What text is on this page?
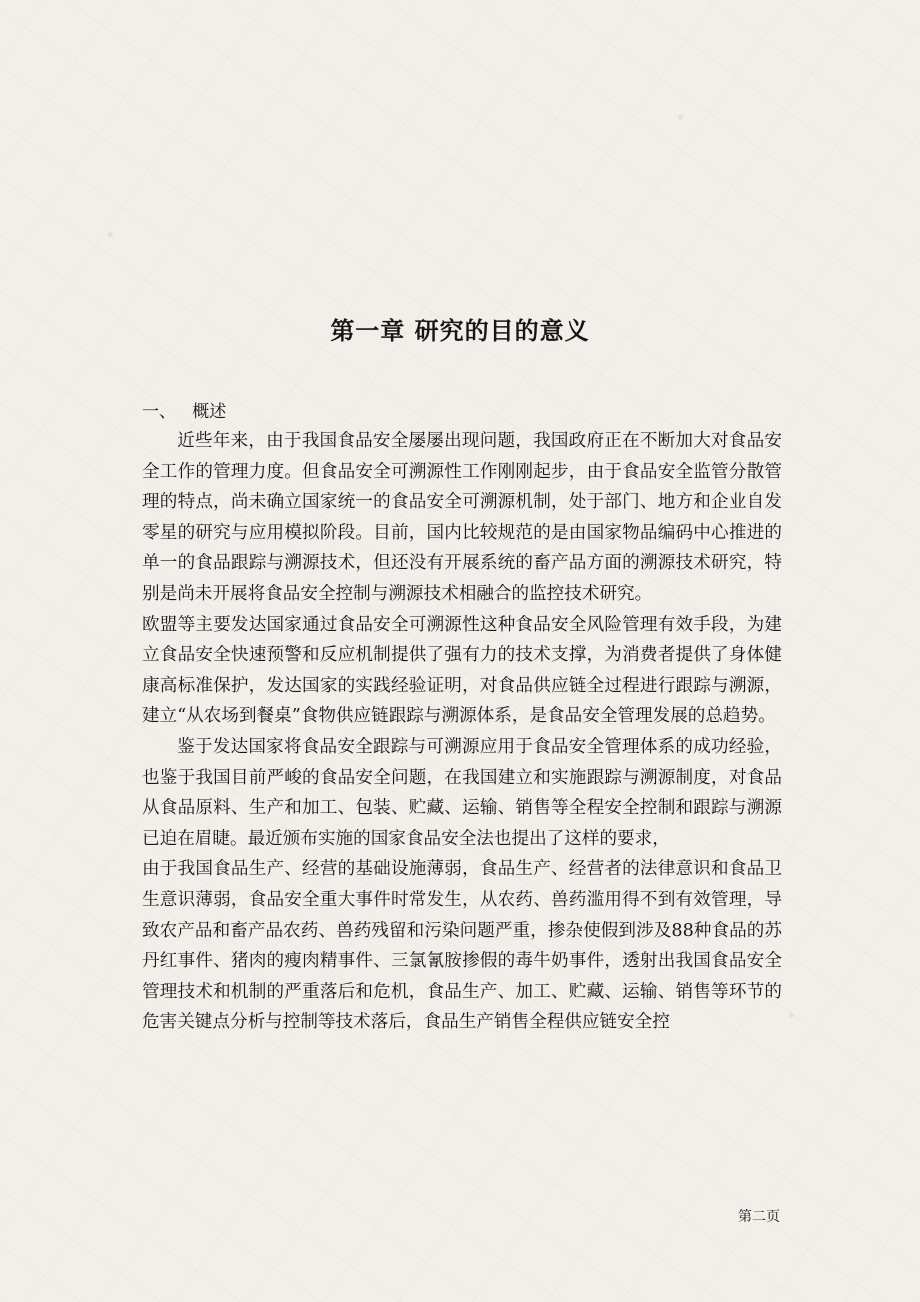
第一章 研究的目的意义
一、 概述

近些年来，由于我国食品安全屡屡出现问题，我国政府正在不断加大对食品安全工作的管理力度。但食品安全可溯源性工作刚刚起步，由于食品安全监管分散管理的特点，尚未确立国家统一的食品安全可溯源机制，处于部门、地方和企业自发零星的研究与应用模拟阶段。目前，国内比较规范的是由国家物品编码中心推进的单一的食品跟踪与溯源技术，但还没有开展系统的畜产品方面的溯源技术研究，特别是尚未开展将食品安全控制与溯源技术相融合的监控技术研究。

欧盟等主要发达国家通过食品安全可溯源性这种食品安全风险管理有效手段，为建立食品安全快速预警和反应机制提供了强有力的技术支撑，为消费者提供了身体健康高标准保护，发达国家的实践经验证明，对食品供应链全过程进行跟踪与溯源，建立“从农场到餐桌”食物供应链跟踪与溯源体系，是食品安全管理发展的总趋势。

鉴于发达国家将食品安全跟踪与可溯源应用于食品安全管理体系的成功经验，也鉴于我国目前严峻的食品安全问题，在我国建立和实施跟踪与溯源制度，对食品从食品原料、生产和加工、包装、贮藏、运输、销售等全程安全控制和跟踪与溯源已迫在眉睫。最近颁布实施的国家食品安全法也提出了这样的要求，

由于我国食品生产、经营的基础设施薄弱，食品生产、经营者的法律意识和食品卫生意识薄弱，食品安全重大事件时常发生，从农药、兽药滥用得不到有效管理，导致农产品和畜产品农药、兽药残留和污染问题严重，掺杂使假到涉及88种食品的苏丹红事件、猪肉的瘦肉精事件、三氯氰胺掺假的毒牛奶事件，透射出我国食品安全管理技术和机制的严重落后和危机，食品生产、加工、贮藏、运输、销售等环节的危害关键点分析与控制等技术落后，食品生产销售全程供应链安全控

第二页
